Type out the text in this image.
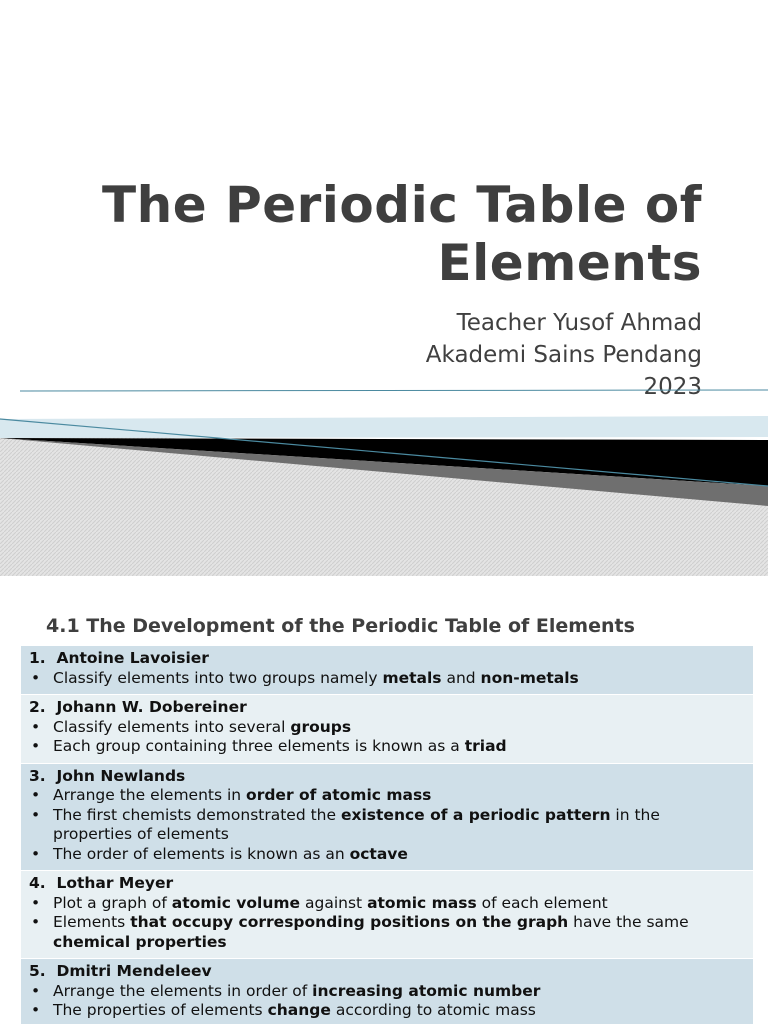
The Periodic Table of
Elements
Teacher Yusof Ahmad
Akademi Sains Pendang
2023
4.1 The Development of the Periodic Table of Elements
1.  Antoine Lavoisier
• Classify elements into two groups namely metals and non-metals
2.  Johann W. Dobereiner
• Classify elements into several groups
• Each group containing three elements is known as a triad
3.  John Newlands
• Arrange the elements in order of atomic mass
• The first chemists demonstrated the existence of a periodic pattern in the properties of elements
• The order of elements is known as an octave
4.  Lothar Meyer
• Plot a graph of atomic volume against atomic mass of each element
• Elements that occupy corresponding positions on the graph have the same chemical properties
5.  Dmitri Mendeleev
• Arrange the elements in order of increasing atomic number
• The properties of elements change according to atomic mass
